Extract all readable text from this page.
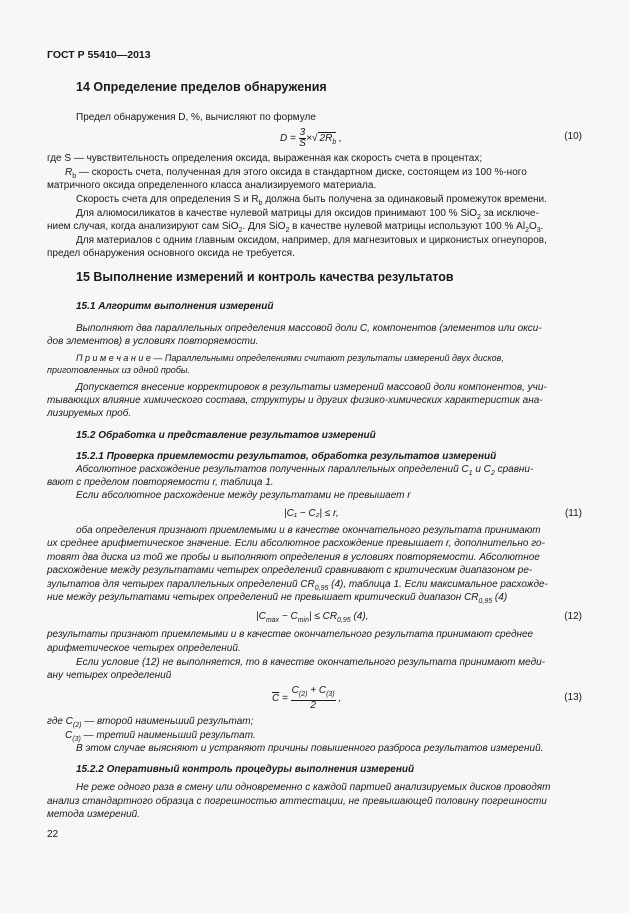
ГОСТ Р 55410—2013
14 Определение пределов обнаружения
Предел обнаружения D, %, вычисляют по формуле
$D = \frac{3}{S}$ ×√ $2R_b$ ,	(10)
где S — чувствительность определения оксида, выраженная как скорость счета в процентах;
$R_b$ — скорость счета, полученная для этого оксида в стандартном диске, состоящем из 100 %-ного
матричного оксида определенного класса анализируемого материала.
Скорость счета для определения S и $R_b$ должна быть получена за одинаковый промежуток времени.
Для алюмосиликатов в качестве нулевой матрицы для оксидов принимают 100 % SiO$_2$ за исключе-
нием случая, когда анализируют сам SiO$_2$. Для SiO$_2$ в качестве нулевой матрицы используют 100 % $Al_2O_3$.
Для материалов с одним главным оксидом, например, для магнезитовых и цирконистых огнеупоров,
предел обнаружения основного оксида не требуется.
15 Выполнение измерений и контроль качества результатов
15.1 Алгоритм выполнения измерений
Выполняют два параллельных определения массовой доли С, компонентов (элементов или окси-
дов элементов) в условиях повторяемости.
П р и м е ч а н и е — Параллельными определениями считают результаты измерений двух дисков,
приготовленных из одной пробы.
Допускается внесение корректировок в результаты измерений массовой доли компонентов, учи-
тывающих влияние химического состава, структуры и других физико-химических характеристик ана-
лизируемых проб.
15.2 Обработка и представление результатов измерений
15.2.1 Проверка приемлемости результатов, обработка результатов измерений
Абсолютное расхождение результатов полученных параллельных определений $C_1$ и $C_2$ сравни-
вают с пределом повторяемости r, таблица 1.
Если абсолютное расхождение между результатами не превышает r
|C₁ − C₂| ≤ r,	(11)
оба определения признают приемлемыми и в качестве окончательного результата принимают
их среднее арифметическое значение. Если абсолютное расхождение превышает r, дополнительно го-
товят два диска из той же пробы и выполняют определения в условиях повторяемости. Абсолютное
расхождение между результатами четырех определений сравнивают с критическим диапазоном ре-
зультатов для четырех параллельных определений $CR_{0,95}$ (4), таблица 1. Если максимальное расхожде-
ние между результатами четырех определений не превышает критический диапазон $CR_{0,95}$ (4)
$|C_{max} - C_{min}| \le CR_{0,95}$ (4),	(12)
результаты признают приемлемыми и в качестве окончательного результата принимают среднее
арифметическое четырех определений.
Если условие (12) не выполняется, то в качестве окончательного результата принимают меди-
ану четырех определений
$\overline{C} = \frac{C_{(2)} + C_{(3)}}{2}$ ,	(13)
где $C_{(2)}$ — второй наименьший результат;
$C_{(3)}$ — третий наименьший результат.
В этом случае выясняют и устраняют причины повышенного разброса результатов измерений.
15.2.2 Оперативный контроль процедуры выполнения измерений
Не реже одного раза в смену или одновременно с каждой партией анализируемых дисков проводят
анализ стандартного образца с погрешностью аттестации, не превышающей половину погрешности
метода измерений.
22
